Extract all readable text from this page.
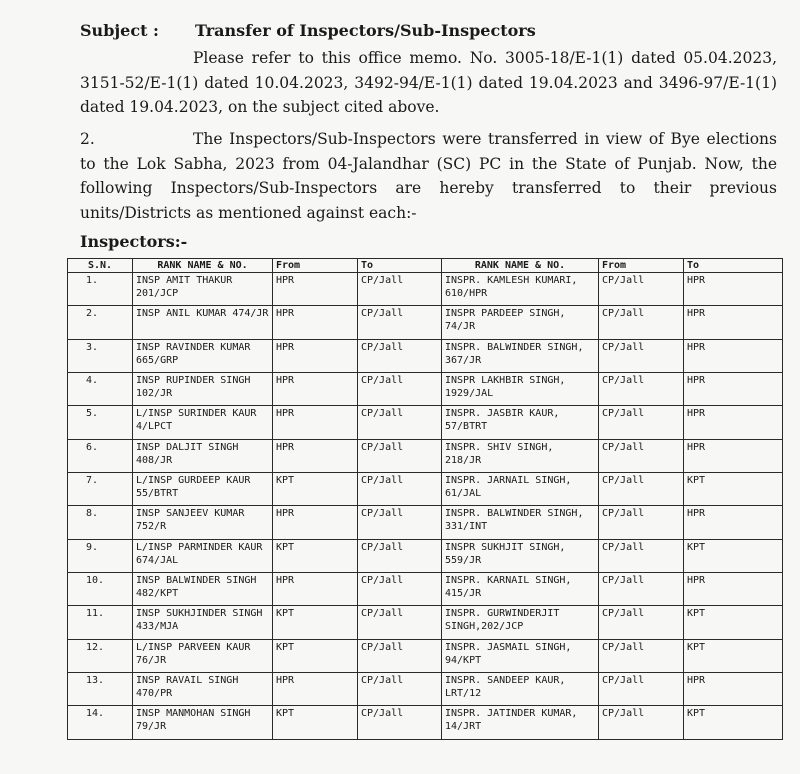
Subject : Transfer of Inspectors/Sub-Inspectors
Please refer to this office memo. No. 3005-18/E-1(1) dated 05.04.2023, 3151-52/E-1(1) dated 10.04.2023, 3492-94/E-1(1) dated 19.04.2023 and 3496-97/E-1(1) dated 19.04.2023, on the subject cited above.
2.	The Inspectors/Sub-Inspectors were transferred in view of Bye elections to the Lok Sabha, 2023 from 04-Jalandhar (SC) PC in the State of Punjab. Now, the following Inspectors/Sub-Inspectors are hereby transferred to their previous units/Districts as mentioned against each:-
Inspectors:-
S.N.	RANK NAME & NO.	From	To	RANK NAME & NO.	From	To
1.	INSP AMIT THAKUR 201/JCP	HPR	CP/Jall	INSPR. KAMLESH KUMARI, 610/HPR	CP/Jall	HPR
2.	INSP ANIL KUMAR 474/JR	HPR	CP/Jall	INSPR PARDEEP SINGH, 74/JR	CP/Jall	HPR
3.	INSP RAVINDER KUMAR 665/GRP	HPR	CP/Jall	INSPR. BALWINDER SINGH, 367/JR	CP/Jall	HPR
4.	INSP RUPINDER SINGH 102/JR	HPR	CP/Jall	INSPR LAKHBIR SINGH, 1929/JAL	CP/Jall	HPR
5.	L/INSP SURINDER KAUR 4/LPCT	HPR	CP/Jall	INSPR. JASBIR KAUR, 57/BTRT	CP/Jall	HPR
6.	INSP DALJIT SINGH 408/JR	HPR	CP/Jall	INSPR. SHIV SINGH, 218/JR	CP/Jall	HPR
7.	L/INSP GURDEEP KAUR 55/BTRT	KPT	CP/Jall	INSPR. JARNAIL SINGH, 61/JAL	CP/Jall	KPT
8.	INSP SANJEEV KUMAR 752/R	HPR	CP/Jall	INSPR. BALWINDER SINGH, 331/INT	CP/Jall	HPR
9.	L/INSP PARMINDER KAUR 674/JAL	KPT	CP/Jall	INSPR SUKHJIT SINGH, 559/JR	CP/Jall	KPT
10.	INSP BALWINDER SINGH 482/KPT	HPR	CP/Jall	INSPR. KARNAIL SINGH, 415/JR	CP/Jall	HPR
11.	INSP SUKHJINDER SINGH 433/MJA	KPT	CP/Jall	INSPR. GURWINDERJIT SINGH,202/JCP	CP/Jall	KPT
12.	L/INSP PARVEEN KAUR 76/JR	KPT	CP/Jall	INSPR. JASMAIL SINGH, 94/KPT	CP/Jall	KPT
13.	INSP RAVAIL SINGH 470/PR	HPR	CP/Jall	INSPR. SANDEEP KAUR, LRT/12	CP/Jall	HPR
14.	INSP MANMOHAN SINGH 79/JR	KPT	CP/Jall	INSPR. JATINDER KUMAR, 14/JRT	CP/Jall	KPT
